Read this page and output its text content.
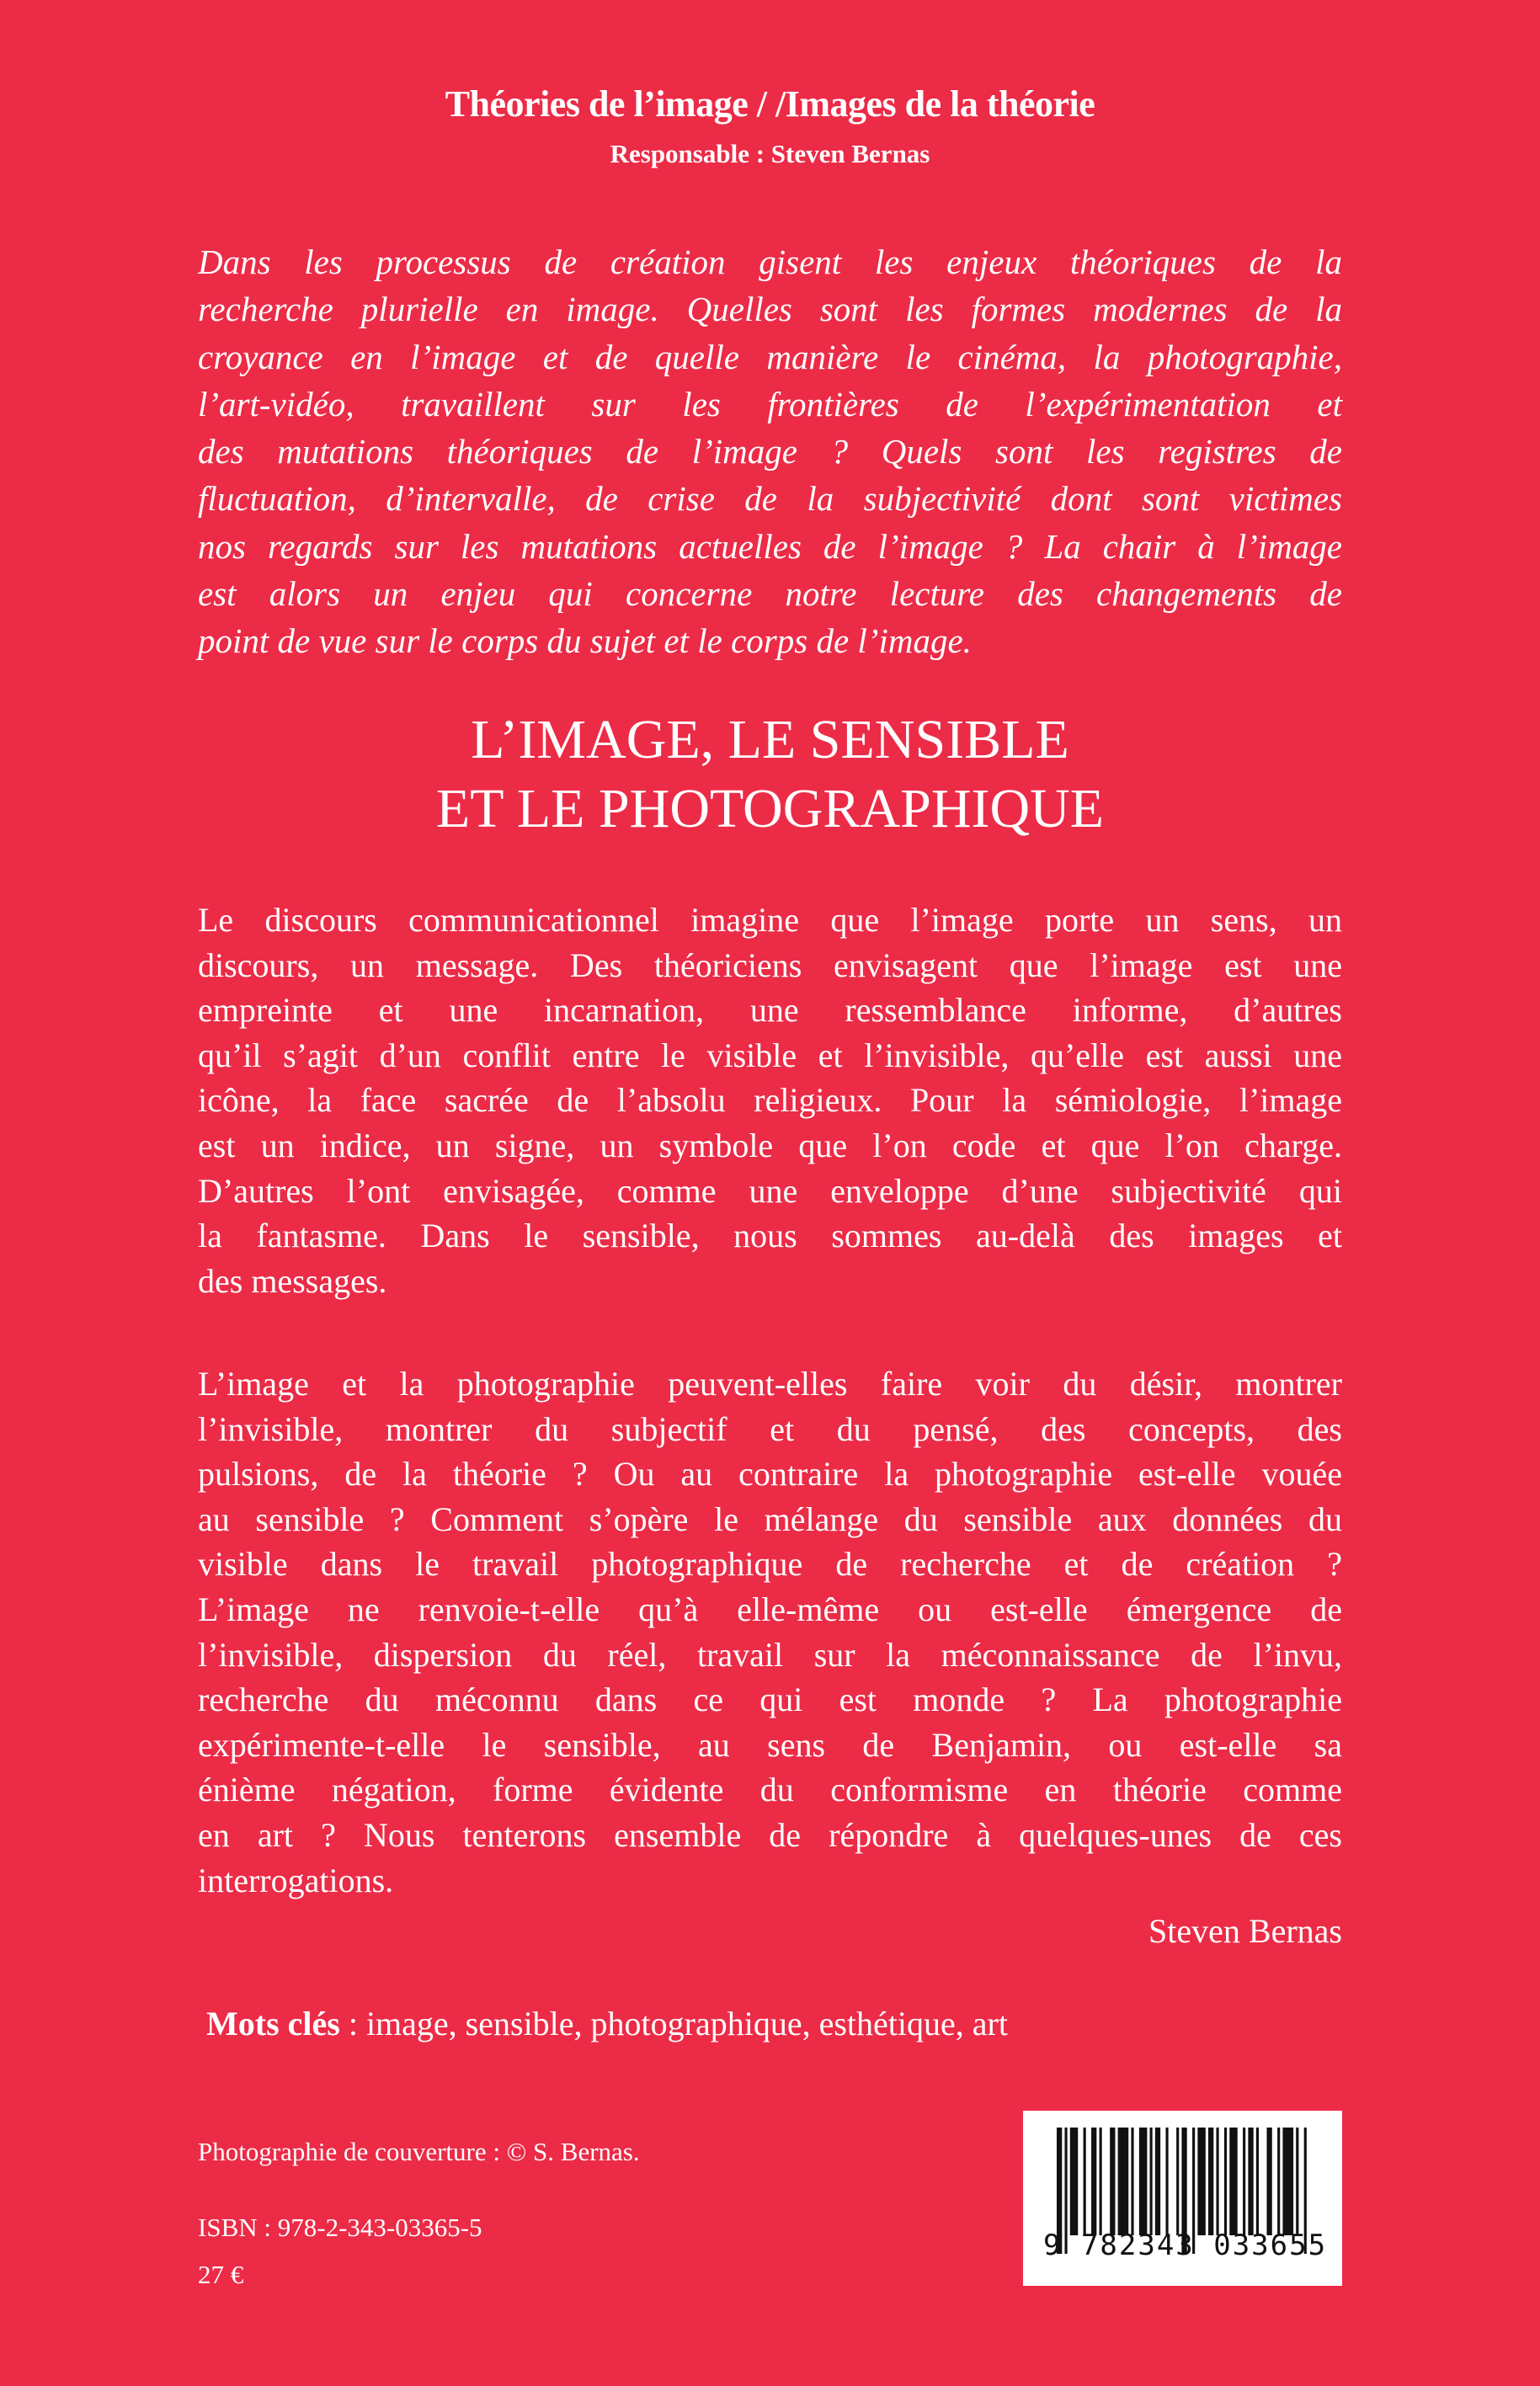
Théories de l’image / /Images de la théorie
Responsable : Steven Bernas
Dans les processus de création gisent les enjeux théoriques de la
recherche plurielle en image. Quelles sont les formes modernes de la
croyance en l’image et de quelle manière le cinéma, la photographie,
l’art-vidéo, travaillent sur les frontières de l’expérimentation et
des mutations théoriques de l’image ? Quels sont les registres de
fluctuation, d’intervalle, de crise de la subjectivité dont sont victimes
nos regards sur les mutations actuelles de l’image ? La chair à l’image
est alors un enjeu qui concerne notre lecture des changements de
point de vue sur le corps du sujet et le corps de l’image.
L’IMAGE, LE SENSIBLE
ET LE PHOTOGRAPHIQUE
Le discours communicationnel imagine que l’image porte un sens, un
discours, un message. Des théoriciens envisagent que l’image est une
empreinte et une incarnation, une ressemblance informe, d’autres
qu’il s’agit d’un conflit entre le visible et l’invisible, qu’elle est aussi une
icône, la face sacrée de l’absolu religieux. Pour la sémiologie, l’image
est un indice, un signe, un symbole que l’on code et que l’on charge.
D’autres l’ont envisagée, comme une enveloppe d’une subjectivité qui
la fantasme. Dans le sensible, nous sommes au-delà des images et
des messages.
L’image et la photographie peuvent-elles faire voir du désir, montrer
l’invisible, montrer du subjectif et du pensé, des concepts, des
pulsions, de la théorie ? Ou au contraire la photographie est-elle vouée
au sensible ? Comment s’opère le mélange du sensible aux données du
visible dans le travail photographique de recherche et de création ?
L’image ne renvoie-t-elle qu’à elle-même ou est-elle émergence de
l’invisible, dispersion du réel, travail sur la méconnaissance de l’invu,
recherche du méconnu dans ce qui est monde ? La photographie
expérimente-t-elle le sensible, au sens de Benjamin, ou est-elle sa
énième négation, forme évidente du conformisme en théorie comme
en art ? Nous tenterons ensemble de répondre à quelques-unes de ces
interrogations.
Steven Bernas
Mots clés : image, sensible, photographique, esthétique, art
Photographie de couverture : © S. Bernas.
ISBN : 978-2-343-03365-5
27 €
9 782343 033655
